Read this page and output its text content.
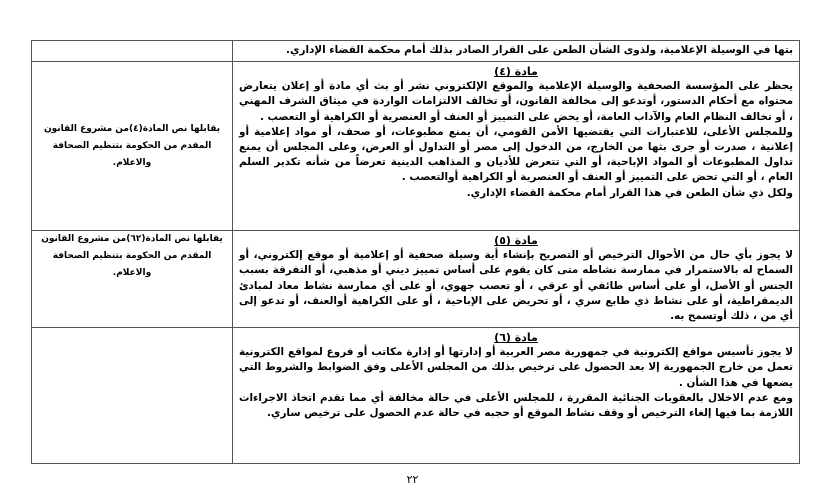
بتها في الوسيلة الإعلامية، ولذوى الشأن الطعن على القرار الصادر بذلك أمام محكمة القضاء الإداري.	

مادة (٤)

يحظر على المؤسسة الصحفية والوسيلة الإعلامية والموقع الإلكتروني نشر أو بث أي مادة أو إعلان يتعارض محتواه مع أحكام الدستور، أوتدعو إلى مخالفة القانون، أو تخالف الالتزامات الواردة في ميثاق الشرف المهني ، أو تخالف النظام العام والآداب العامة، أو يحض على التمييز أو العنف أو العنصرية أو الكراهية أو التعصب .

وللمجلس الأعلى، للاعتبارات التي يقتضيها الأمن القومي، أن يمنع مطبوعات، أو صحف، أو مواد إعلامية أو إعلانية ، صدرت أو جرى بثها من الخارج، من الدخول إلى مصر أو التداول أو العرض، وعلى المجلس أن يمنع تداول المطبوعات أو المواد الإباحية، أو التي تتعرض للأديان و المذاهب الدينية تعرضاً من شأنه تكدير السلم العام ، أو التي تحض على التمييز أو العنف أو العنصرية أو الكراهية أوالتعصب .

ولكل ذي شأن الطعن في هذا القرار أمام محكمة القضاء الإداري.	يقابلها نص المادة(٤)من مشروع القانون المقدم من الحكومة بتنظيم الصحافة والاعلام.

مادة (٥)

لا يجوز بأي حال من الأحوال الترخيص أو التصريح بإنشاء أية وسيلة صحفية أو إعلامية أو موقع إلكتروني، أو السماح له بالاستمرار في ممارسة نشاطه متى كان يقوم على أساس تمييز ديني أو مذهبي، أو التفرقة بسبب الجنس أو الأصل، أو على أساس طائفي أو عرقي ، أو تعصب جهوي، أو على أي ممارسة نشاط معاد لمبادئ الديمقراطية، أو على نشاط ذي طابع سري ، أو تحريض على الإباحية ، أو على الكراهية أوالعنف، أو تدعو إلى أي من ، ذلك أوتسمح به.	يقابلها نص المادة(٦٢)من مشروع القانون المقدم من الحكومة بتنظيم الصحافة والاعلام.

مادة (٦)

لا يجوز تأسيس مواقع إلكترونية في جمهورية مصر العربية أو إدارتها أو إدارة مكاتب أو فروع لمواقع الكترونية تعمل من خارج الجمهورية إلا بعد الحصول على ترخيص بذلك من المجلس الأعلى وفق الضوابط والشروط التي يضعها في هذا الشأن .

ومع عدم الاخلال بالعقوبات الجنائية المقررة ، للمجلس الأعلى في حالة مخالفة أي مما تقدم اتخاذ الاجراءات اللازمة بما فيها إلغاء الترخيص أو وقف نشاط الموقع أو حجبه في حالة عدم الحصول على ترخيص ساري.	

٢٢
